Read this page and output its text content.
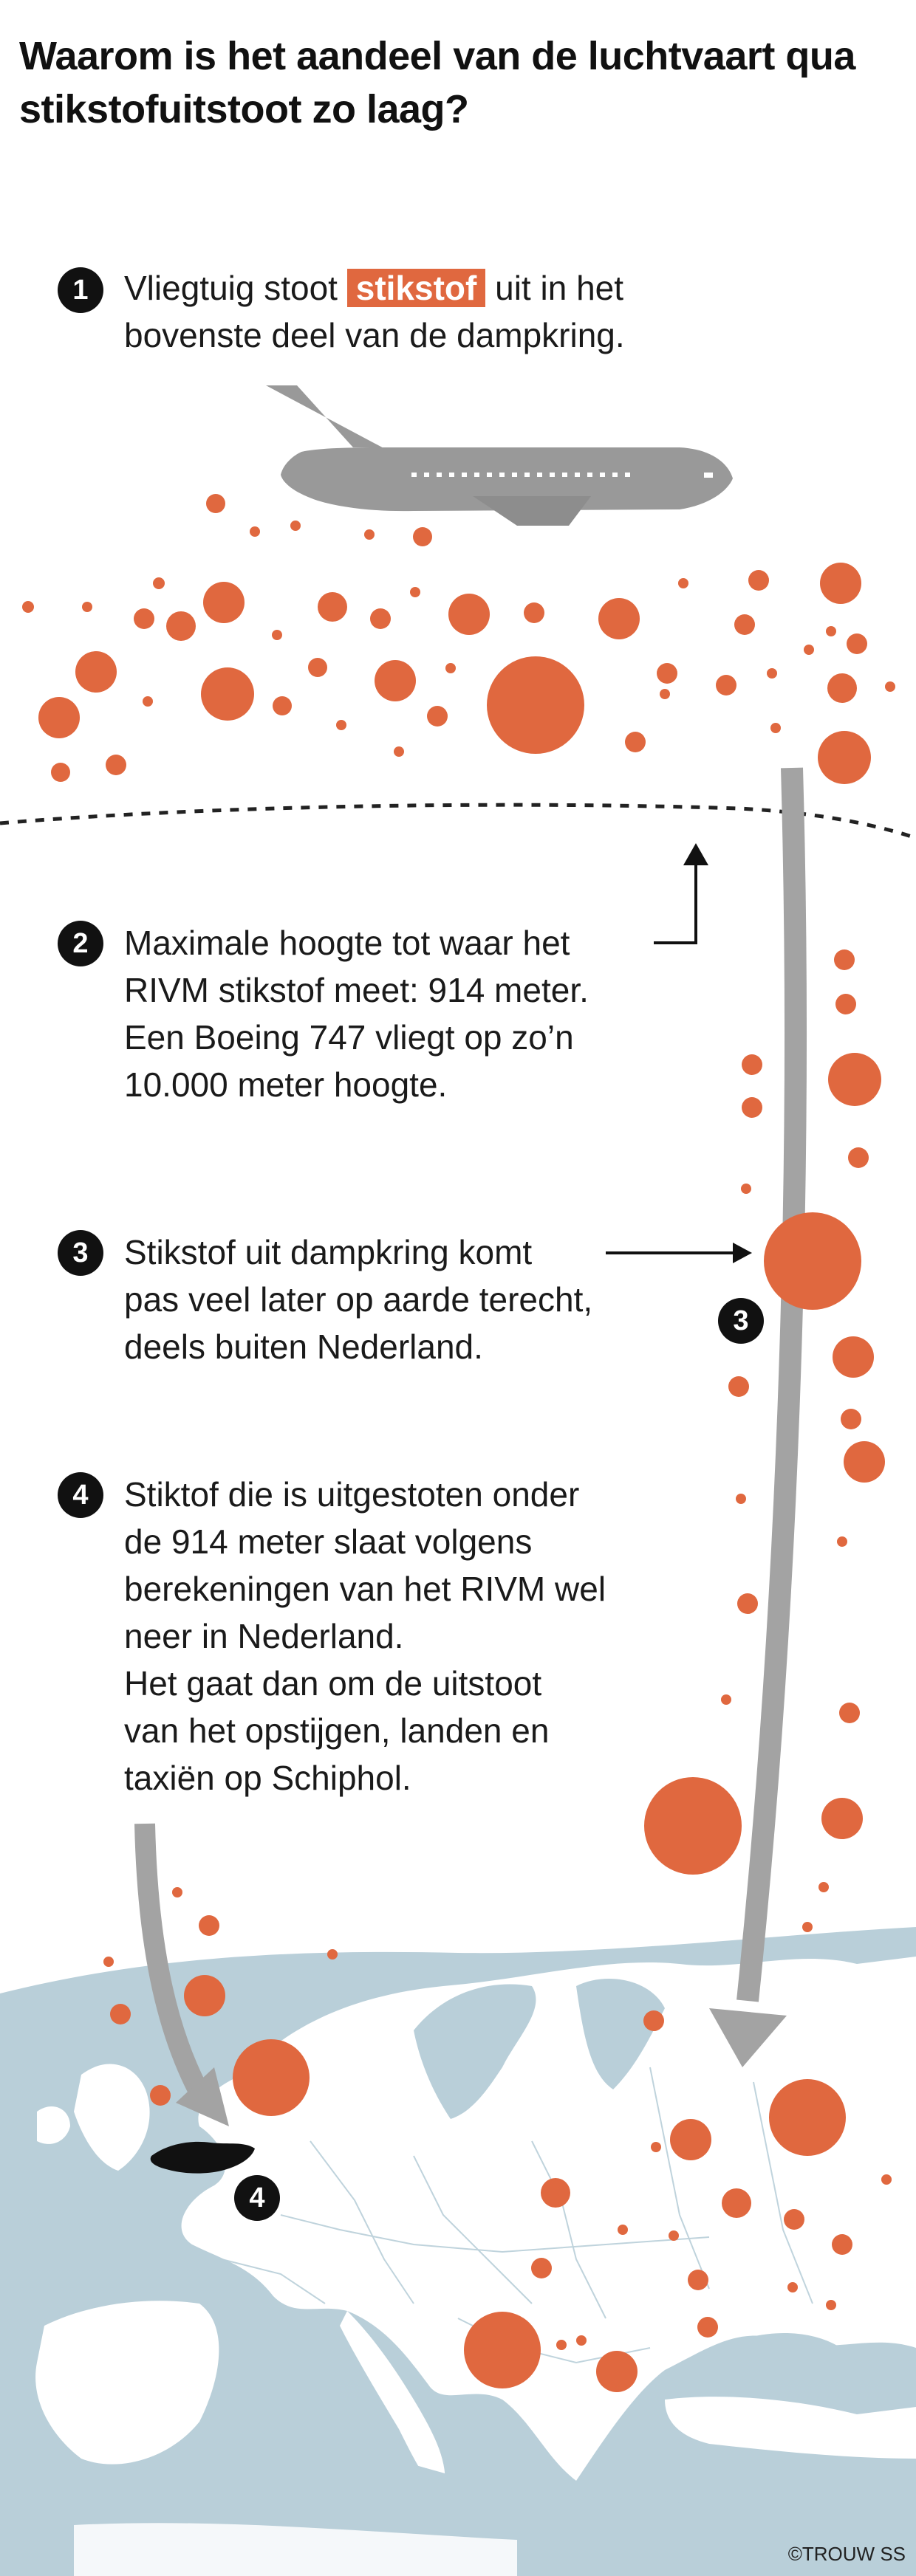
Waarom is het aandeel van de luchtvaart qua stikstofuitstoot zo laag?
1	Vliegtuig stoot stikstof uit in het
bovenste deel van de dampkring.
2	Maximale hoogte tot waar het
RIVM stikstof meet: 914 meter.
Een Boeing 747 vliegt op zo’n
10.000 meter hoogte.
3	Stikstof uit dampkring komt
pas veel later op aarde terecht,
deels buiten Nederland.
4	Stiktof die is uitgestoten onder
de 914 meter slaat volgens
berekeningen van het RIVM wel
neer in Nederland.
Het gaat dan om de uitstoot
van het opstijgen, landen en
taxiën op Schiphol.
3
4
©TROUW SS
